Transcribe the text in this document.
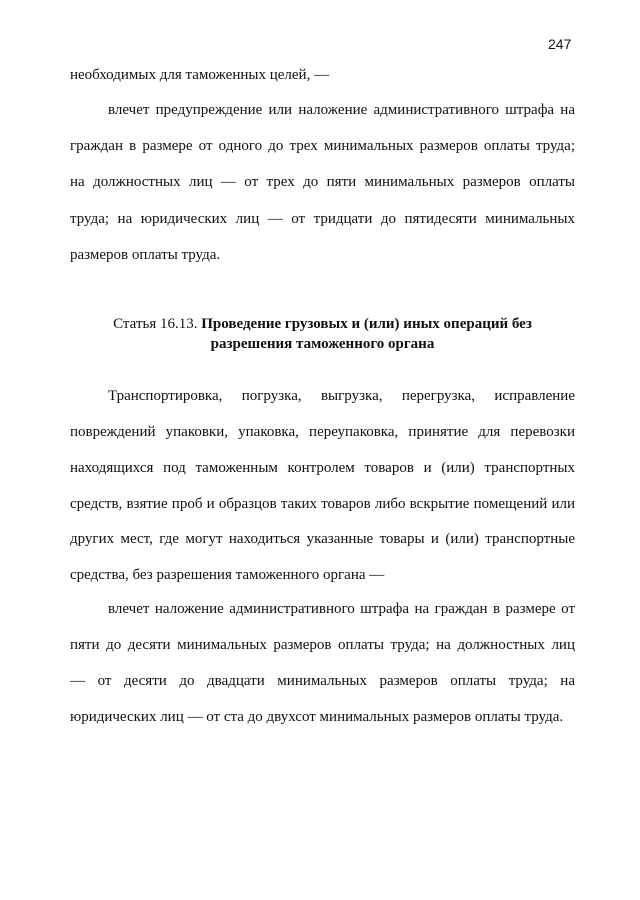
247
необходимых для таможенных целей, —
влечет предупреждение или наложение административного штрафа на
граждан в размере от одного до трех минимальных размеров оплаты труда;
на должностных лиц — от трех до пяти минимальных размеров оплаты
труда; на юридических лиц — от тридцати до пятидесяти минимальных
размеров оплаты труда.
Статья 16.13. Проведение грузовых и (или) иных операций без
разрешения таможенного органа
Транспортировка, погрузка, выгрузка, перегрузка, исправление
повреждений упаковки, упаковка, переупаковка, принятие для перевозки
находящихся под таможенным контролем товаров и (или) транспортных
средств, взятие проб и образцов таких товаров либо вскрытие помещений или
других мест, где могут находиться указанные товары и (или) транспортные
средства, без разрешения таможенного органа —
влечет наложение административного штрафа на граждан в размере от
пяти до десяти минимальных размеров оплаты труда; на должностных лиц
— от десяти до двадцати минимальных размеров оплаты труда; на
юридических лиц — от ста до двухсот минимальных размеров оплаты труда.
